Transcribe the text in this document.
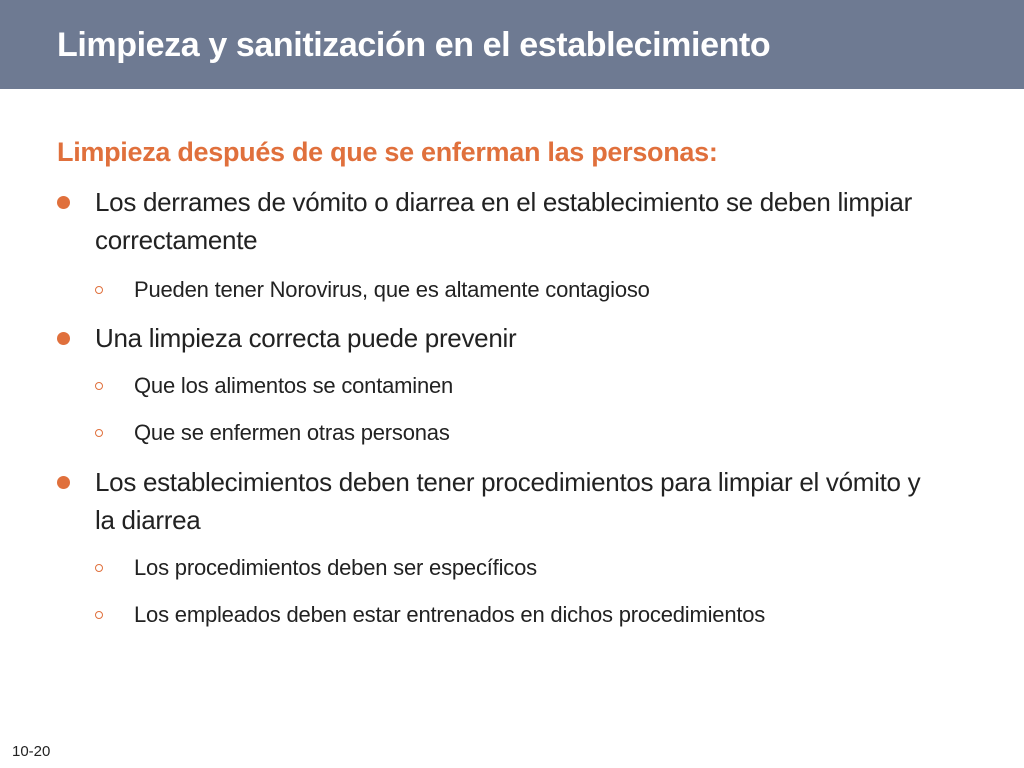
Limpieza y sanitización en el establecimiento
Limpieza después de que se enferman las personas:
Los derrames de vómito o diarrea en el establecimiento se deben limpiar correctamente
Pueden tener Norovirus, que es altamente contagioso
Una limpieza correcta puede prevenir
Que los alimentos se contaminen
Que se enfermen otras personas
Los establecimientos deben tener procedimientos para limpiar el vómito y la diarrea
Los procedimientos deben ser específicos
Los empleados deben estar entrenados en dichos procedimientos
10-20
